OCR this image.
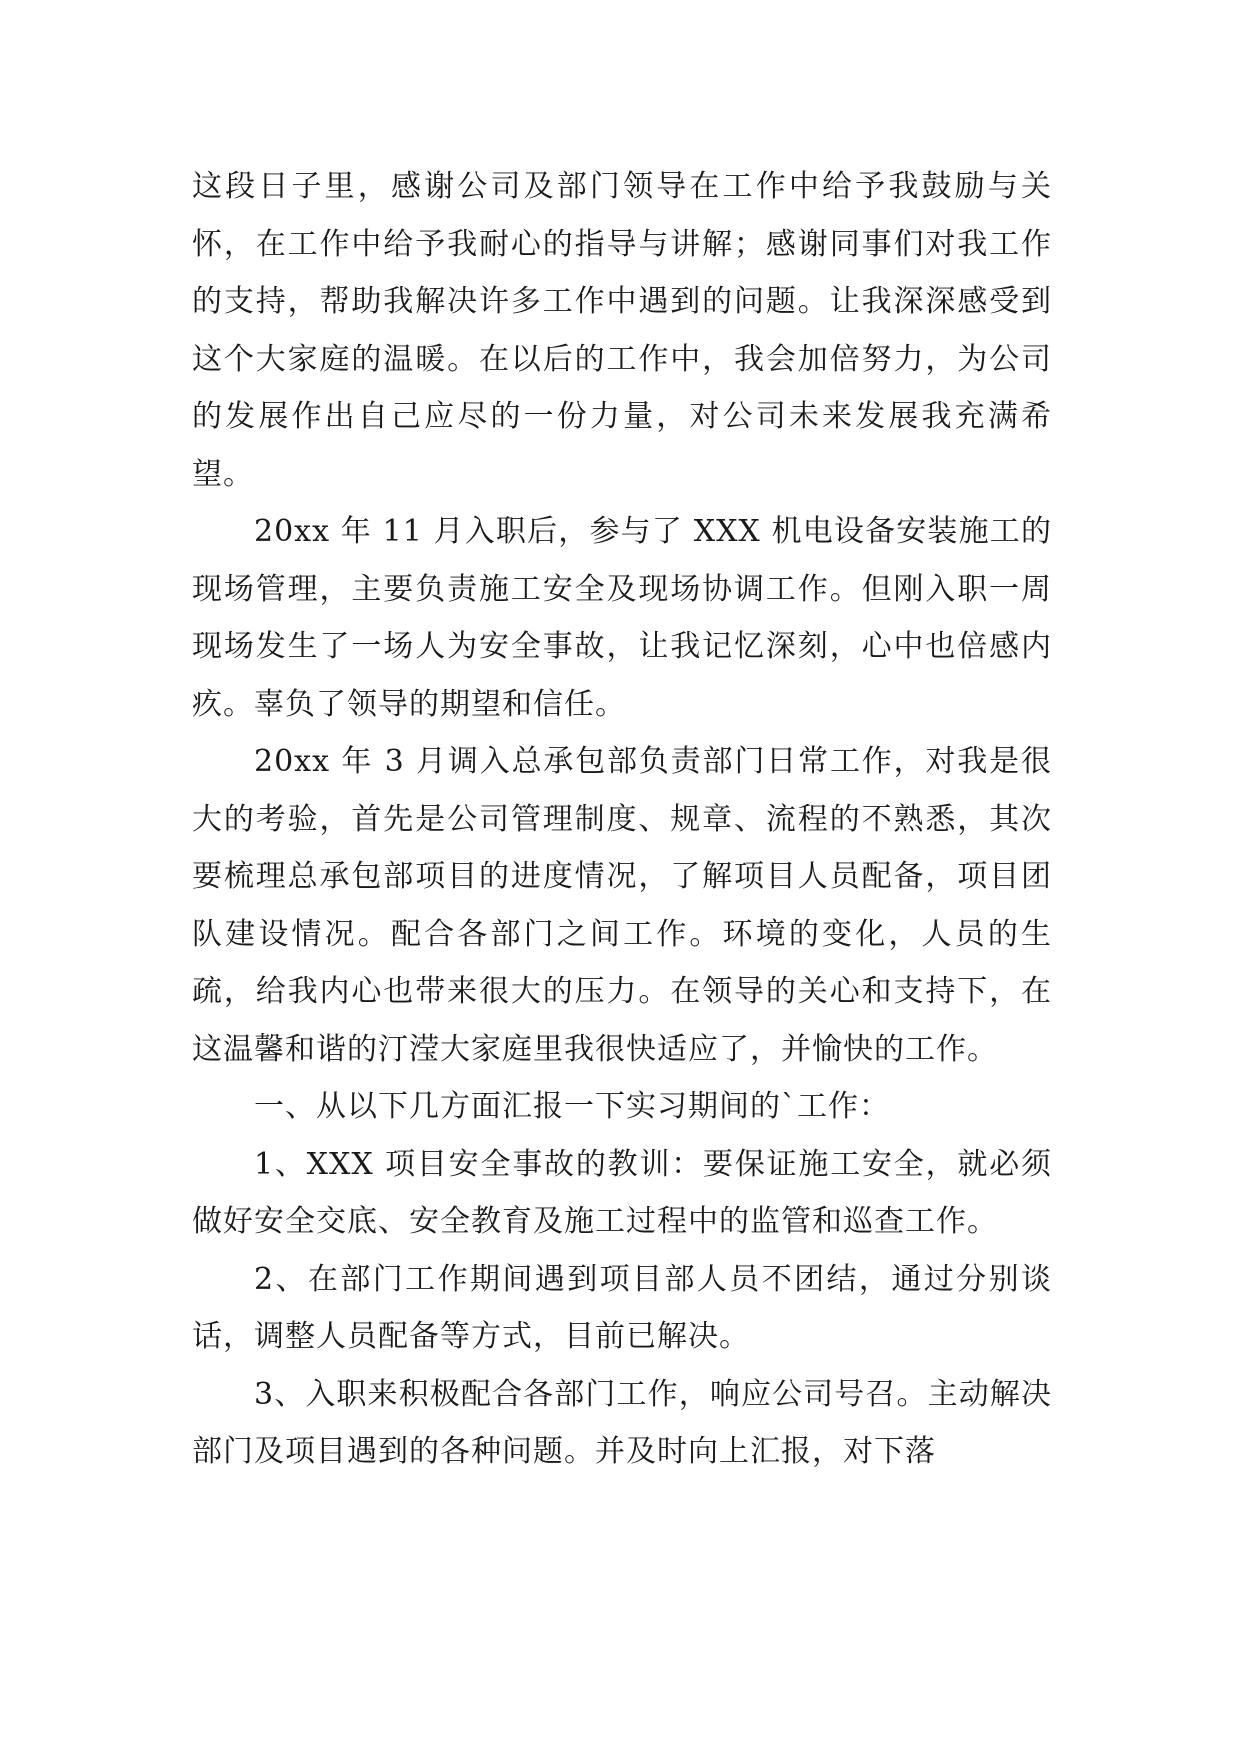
这段日子里，感谢公司及部门领导在工作中给予我鼓励与关怀，在工作中给予我耐心的指导与讲解；感谢同事们对我工作的支持，帮助我解决许多工作中遇到的问题。让我深深感受到这个大家庭的温暖。在以后的工作中，我会加倍努力，为公司的发展作出自己应尽的一份力量，对公司未来发展我充满希望。

20xx 年 11 月入职后，参与了 XXX 机电设备安装施工的现场管理，主要负责施工安全及现场协调工作。但刚入职一周现场发生了一场人为安全事故，让我记忆深刻，心中也倍感内疚。辜负了领导的期望和信任。

20xx 年 3 月调入总承包部负责部门日常工作，对我是很大的考验，首先是公司管理制度、规章、流程的不熟悉，其次要梳理总承包部项目的进度情况，了解项目人员配备，项目团队建设情况。配合各部门之间工作。环境的变化，人员的生疏，给我内心也带来很大的压力。在领导的关心和支持下，在这温馨和谐的汀滢大家庭里我很快适应了，并愉快的工作。

一、从以下几方面汇报一下实习期间的`工作：

1、XXX 项目安全事故的教训：要保证施工安全，就必须做好安全交底、安全教育及施工过程中的监管和巡查工作。

2、在部门工作期间遇到项目部人员不团结，通过分别谈话，调整人员配备等方式，目前已解决。

3、入职来积极配合各部门工作，响应公司号召。主动解决部门及项目遇到的各种问题。并及时向上汇报，对下落
